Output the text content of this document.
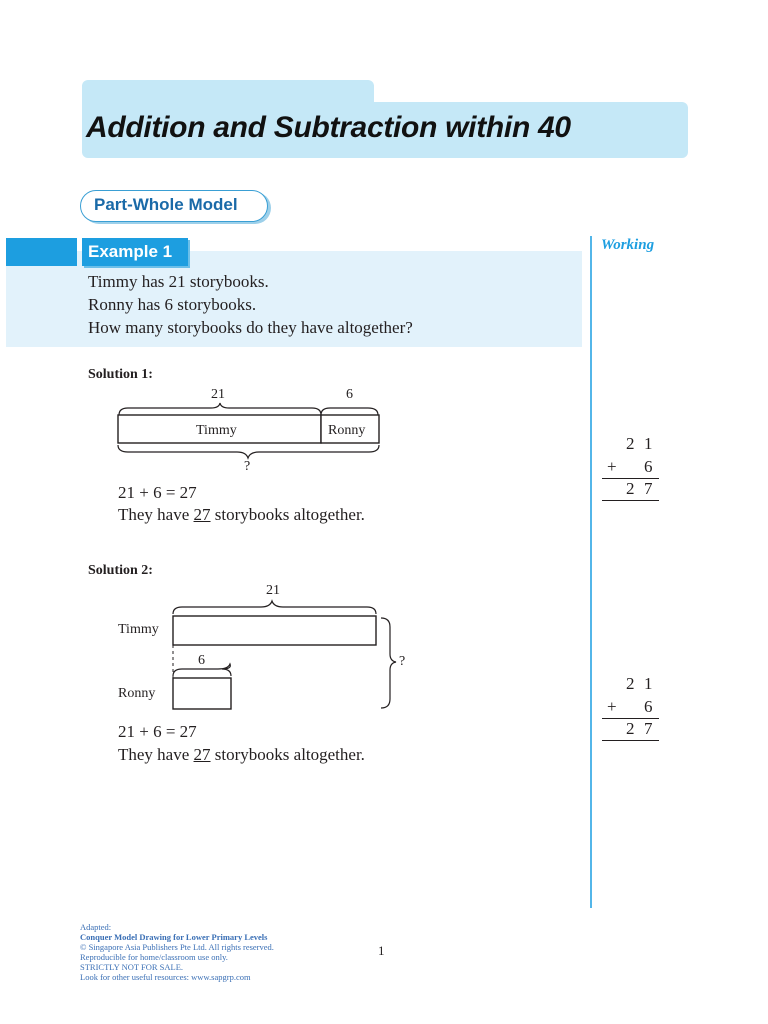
Addition and Subtraction within 40
Part-Whole Model
Example 1
Timmy has 21 storybooks.
Ronny has 6 storybooks.
How many storybooks do they have altogether?
Working
Solution 1:
21	6
Timmy	Ronny
?
21 + 6 = 27
They have 27 storybooks altogether.
Solution 2:
21
Timmy
6
Ronny
?
21 + 6 = 27
They have 27 storybooks altogether.
2 1
+ 6
2 7
2 1
+ 6
2 7
Adapted:
Conquer Model Drawing for Lower Primary Levels
© Singapore Asia Publishers Pte Ltd. All rights reserved.
Reproducible for home/classroom use only.
STRICTLY NOT FOR SALE.
Look for other useful resources: www.sapgrp.com
1
